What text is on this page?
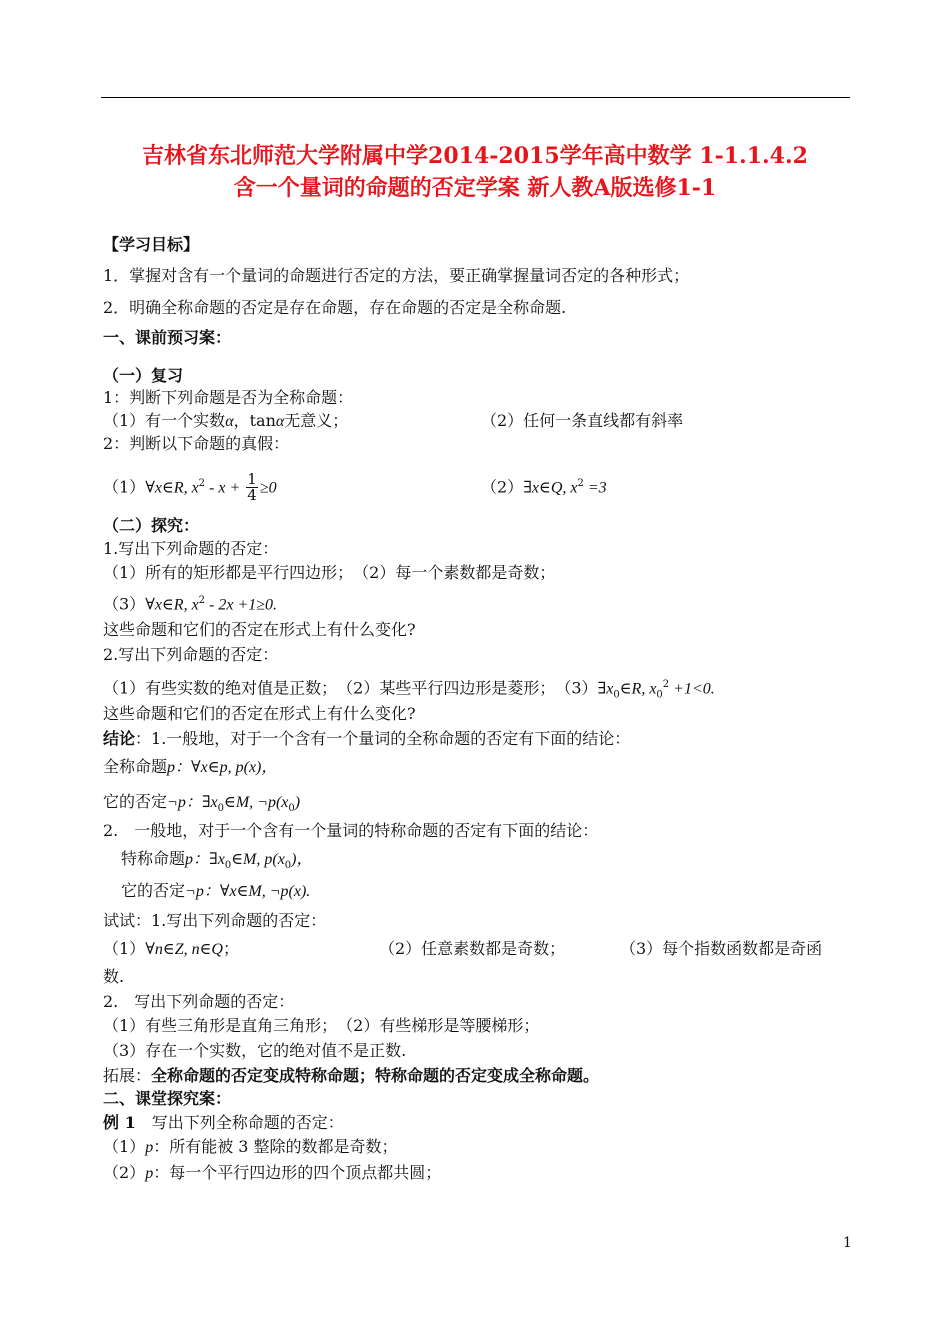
吉林省东北师范大学附属中学2014-2015学年高中数学 1-1.1.4.2
含一个量词的命题的否定学案 新人教A版选修1-1
【学习目标】
1．掌握对含有一个量词的命题进行否定的方法，要正确掌握量词否定的各种形式；
2．明确全称命题的否定是存在命题，存在命题的否定是全称命题.
一、课前预习案：
（一）复习
1：判断下列命题是否为全称命题：
（1）有一个实数α，tanα无意义；	（2）任何一条直线都有斜率
2：判断以下命题的真假：
（1）∀x∈R, $x^2 - x + \frac{1}{4} \ge 0$	（2）∃x∈Q, $x^2 =3$
（二）探究：
1.写出下列命题的否定：
（1）所有的矩形都是平行四边形；　（2）每一个素数都是奇数；
（3）∀x∈R, $x^2 - 2x +1\ge 0$.
这些命题和它们的否定在形式上有什么变化?
2.写出下列命题的否定：
（1）有些实数的绝对值是正数；　（2）某些平行四边形是菱形；　$(3)\exists x_0\in R$, $x_0^2 +1<0$.
这些命题和它们的否定在形式上有什么变化?
结论：1.一般地，对于一个含有一个量词的全称命题的否定有下面的结论：
全称命题p：∀x∈p, p(x)，
它的否定¬p：$\exists x_0\in M$, $\neg p(x_0)$
2.　一般地，对于一个含有一个量词的特称命题的否定有下面的结论：
特称命题p：$\exists x_0\in M$, $p(x_0)$，
它的否定¬p：∀x∈M, ¬p(x).
试试：1.写出下列命题的否定：
（1）∀n∈Z, n∈Q；	（2）任意素数都是奇数；	（3）每个指数函数都是奇函
数.
2.　写出下列命题的否定：
（1）有些三角形是直角三角形；　（2）有些梯形是等腰梯形；
（3）存在一个实数，它的绝对值不是正数.
拓展：全称命题的否定变成特称命题；特称命题的否定变成全称命题。
二、课堂探究案：
例 1　写出下列全称命题的否定：
（1）p：所有能被 3 整除的数都是奇数；
（2）p：每一个平行四边形的四个顶点都共圆；
1
